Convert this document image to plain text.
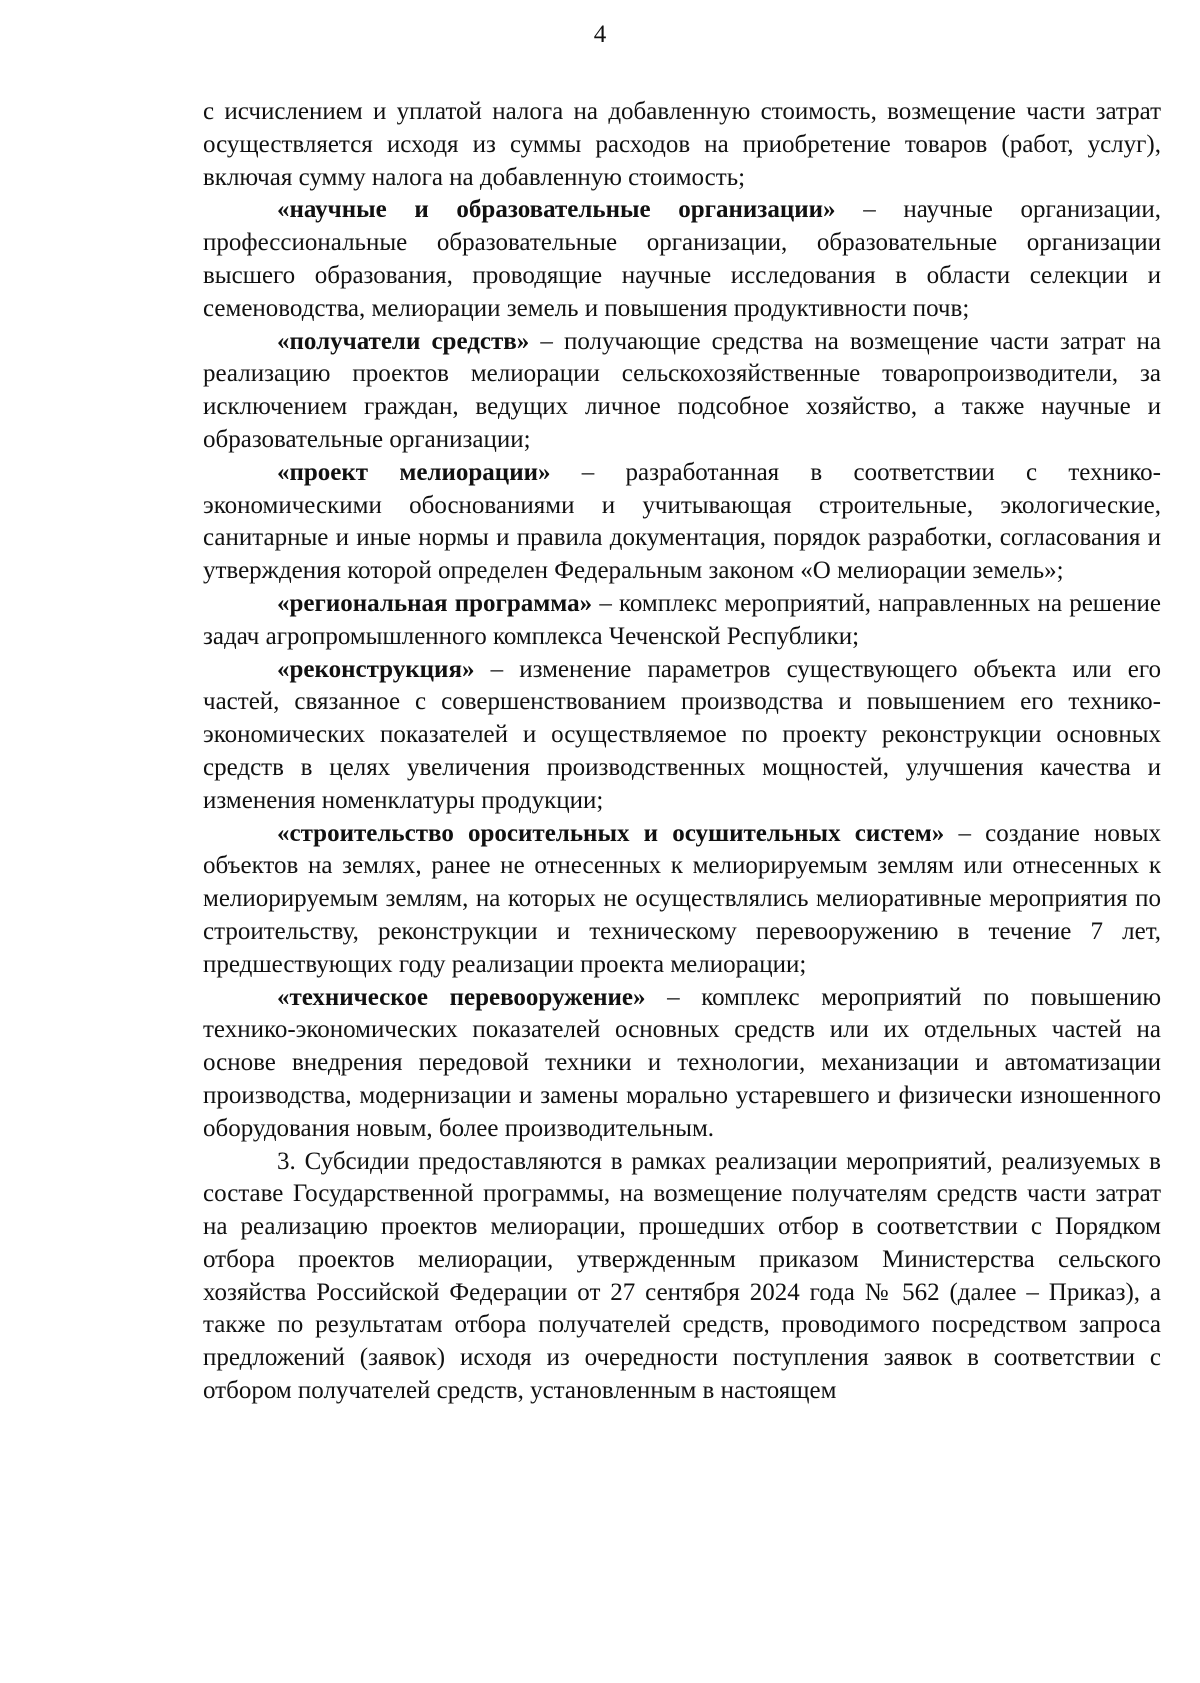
4

с исчислением и уплатой налога на добавленную стоимость, возмещение части затрат осуществляется исходя из суммы расходов на приобретение товаров (работ, услуг), включая сумму налога на добавленную стоимость;

«научные и образовательные организации» – научные организации, профессиональные образовательные организации, образовательные организации высшего образования, проводящие научные исследования в области селекции и семеноводства, мелиорации земель и повышения продуктивности почв;

«получатели средств» – получающие средства на возмещение части затрат на реализацию проектов мелиорации сельскохозяйственные товаропроизводители, за исключением граждан, ведущих личное подсобное хозяйство, а также научные и образовательные организации;

«проект мелиорации» – разработанная в соответствии с технико-экономическими обоснованиями и учитывающая строительные, экологические, санитарные и иные нормы и правила документация, порядок разработки, согласования и утверждения которой определен Федеральным законом «О мелиорации земель»;

«региональная программа» – комплекс мероприятий, направленных на решение задач агропромышленного комплекса Чеченской Республики;

«реконструкция» – изменение параметров существующего объекта или его частей, связанное с совершенствованием производства и повышением его технико-экономических показателей и осуществляемое по проекту реконструкции основных средств в целях увеличения производственных мощностей, улучшения качества и изменения номенклатуры продукции;

«строительство оросительных и осушительных систем» – создание новых объектов на землях, ранее не отнесенных к мелиорируемым землям или отнесенных к мелиорируемым землям, на которых не осуществлялись мелиоративные мероприятия по строительству, реконструкции и техническому перевооружению в течение 7 лет, предшествующих году реализации проекта мелиорации;

«техническое перевооружение» – комплекс мероприятий по повышению технико-экономических показателей основных средств или их отдельных частей на основе внедрения передовой техники и технологии, механизации и автоматизации производства, модернизации и замены морально устаревшего и физически изношенного оборудования новым, более производительным.

3. Субсидии предоставляются в рамках реализации мероприятий, реализуемых в составе Государственной программы, на возмещение получателям средств части затрат на реализацию проектов мелиорации, прошедших отбор в соответствии с Порядком отбора проектов мелиорации, утвержденным приказом Министерства сельского хозяйства Российской Федерации от 27 сентября 2024 года № 562 (далее – Приказ), а также по результатам отбора получателей средств, проводимого посредством запроса предложений (заявок) исходя из очередности поступления заявок в соответствии с отбором получателей средств, установленным в настоящем
